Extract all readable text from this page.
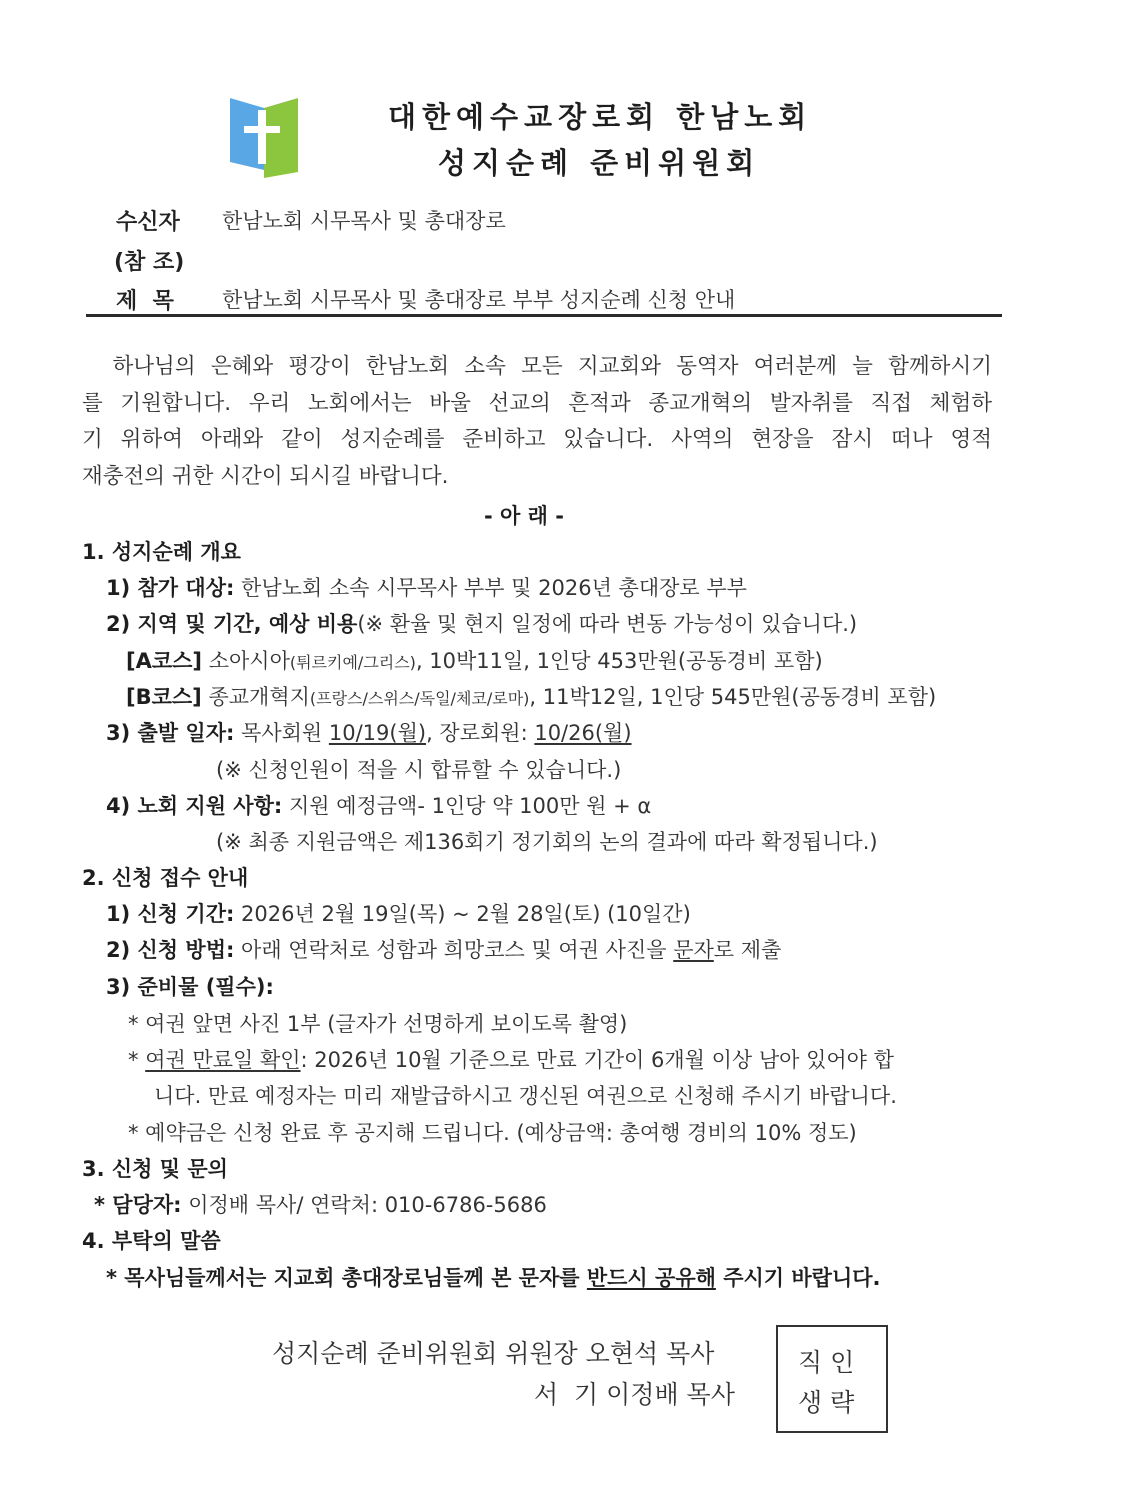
대한예수교장로회 한남노회
성지순례 준비위원회
수신자 한남노회 시무목사 및 총대장로
(참 조)
제  목 한남노회 시무목사 및 총대장로 부부 성지순례 신청 안내
하나님의 은혜와 평강이 한남노회 소속 모든 지교회와 동역자 여러분께 늘 함께하시기
를 기원합니다. 우리 노회에서는 바울 선교의 흔적과 종교개혁의 발자취를 직접 체험하
기 위하여 아래와 같이 성지순례를 준비하고 있습니다. 사역의 현장을 잠시 떠나 영적
재충전의 귀한 시간이 되시길 바랍니다.
- 아 래 -
1. 성지순례 개요
1) 참가 대상: 한남노회 소속 시무목사 부부 및 2026년 총대장로 부부
2) 지역 및 기간, 예상 비용(※ 환율 및 현지 일정에 따라 변동 가능성이 있습니다.)
[A코스] 소아시아(튀르키예/그리스), 10박11일, 1인당 453만원(공동경비 포함)
[B코스] 종교개혁지(프랑스/스위스/독일/체코/로마), 11박12일, 1인당 545만원(공동경비 포함)
3) 출발 일자: 목사회원 10/19(월), 장로회원: 10/26(월)
(※ 신청인원이 적을 시 합류할 수 있습니다.)
4) 노회 지원 사항: 지원 예정금액- 1인당 약 100만 원 + α
(※ 최종 지원금액은 제136회기 정기회의 논의 결과에 따라 확정됩니다.)
2. 신청 접수 안내
1) 신청 기간: 2026년 2월 19일(목) ~ 2월 28일(토) (10일간)
2) 신청 방법: 아래 연락처로 성함과 희망코스 및 여권 사진을 문자로 제출
3) 준비물 (필수):
* 여권 앞면 사진 1부 (글자가 선명하게 보이도록 촬영)
* 여권 만료일 확인: 2026년 10월 기준으로 만료 기간이 6개월 이상 남아 있어야 합
니다. 만료 예정자는 미리 재발급하시고 갱신된 여권으로 신청해 주시기 바랍니다.
* 예약금은 신청 완료 후 공지해 드립니다. (예상금액: 총여행 경비의 10% 정도)
3. 신청 및 문의
* 담당자: 이정배 목사/ 연락처: 010-6786-5686
4. 부탁의 말씀
* 목사님들께서는 지교회 총대장로님들께 본 문자를 반드시 공유해 주시기 바랍니다.
성지순례 준비위원회 위원장 오현석 목사
서  기 이정배 목사
직 인
생 략
